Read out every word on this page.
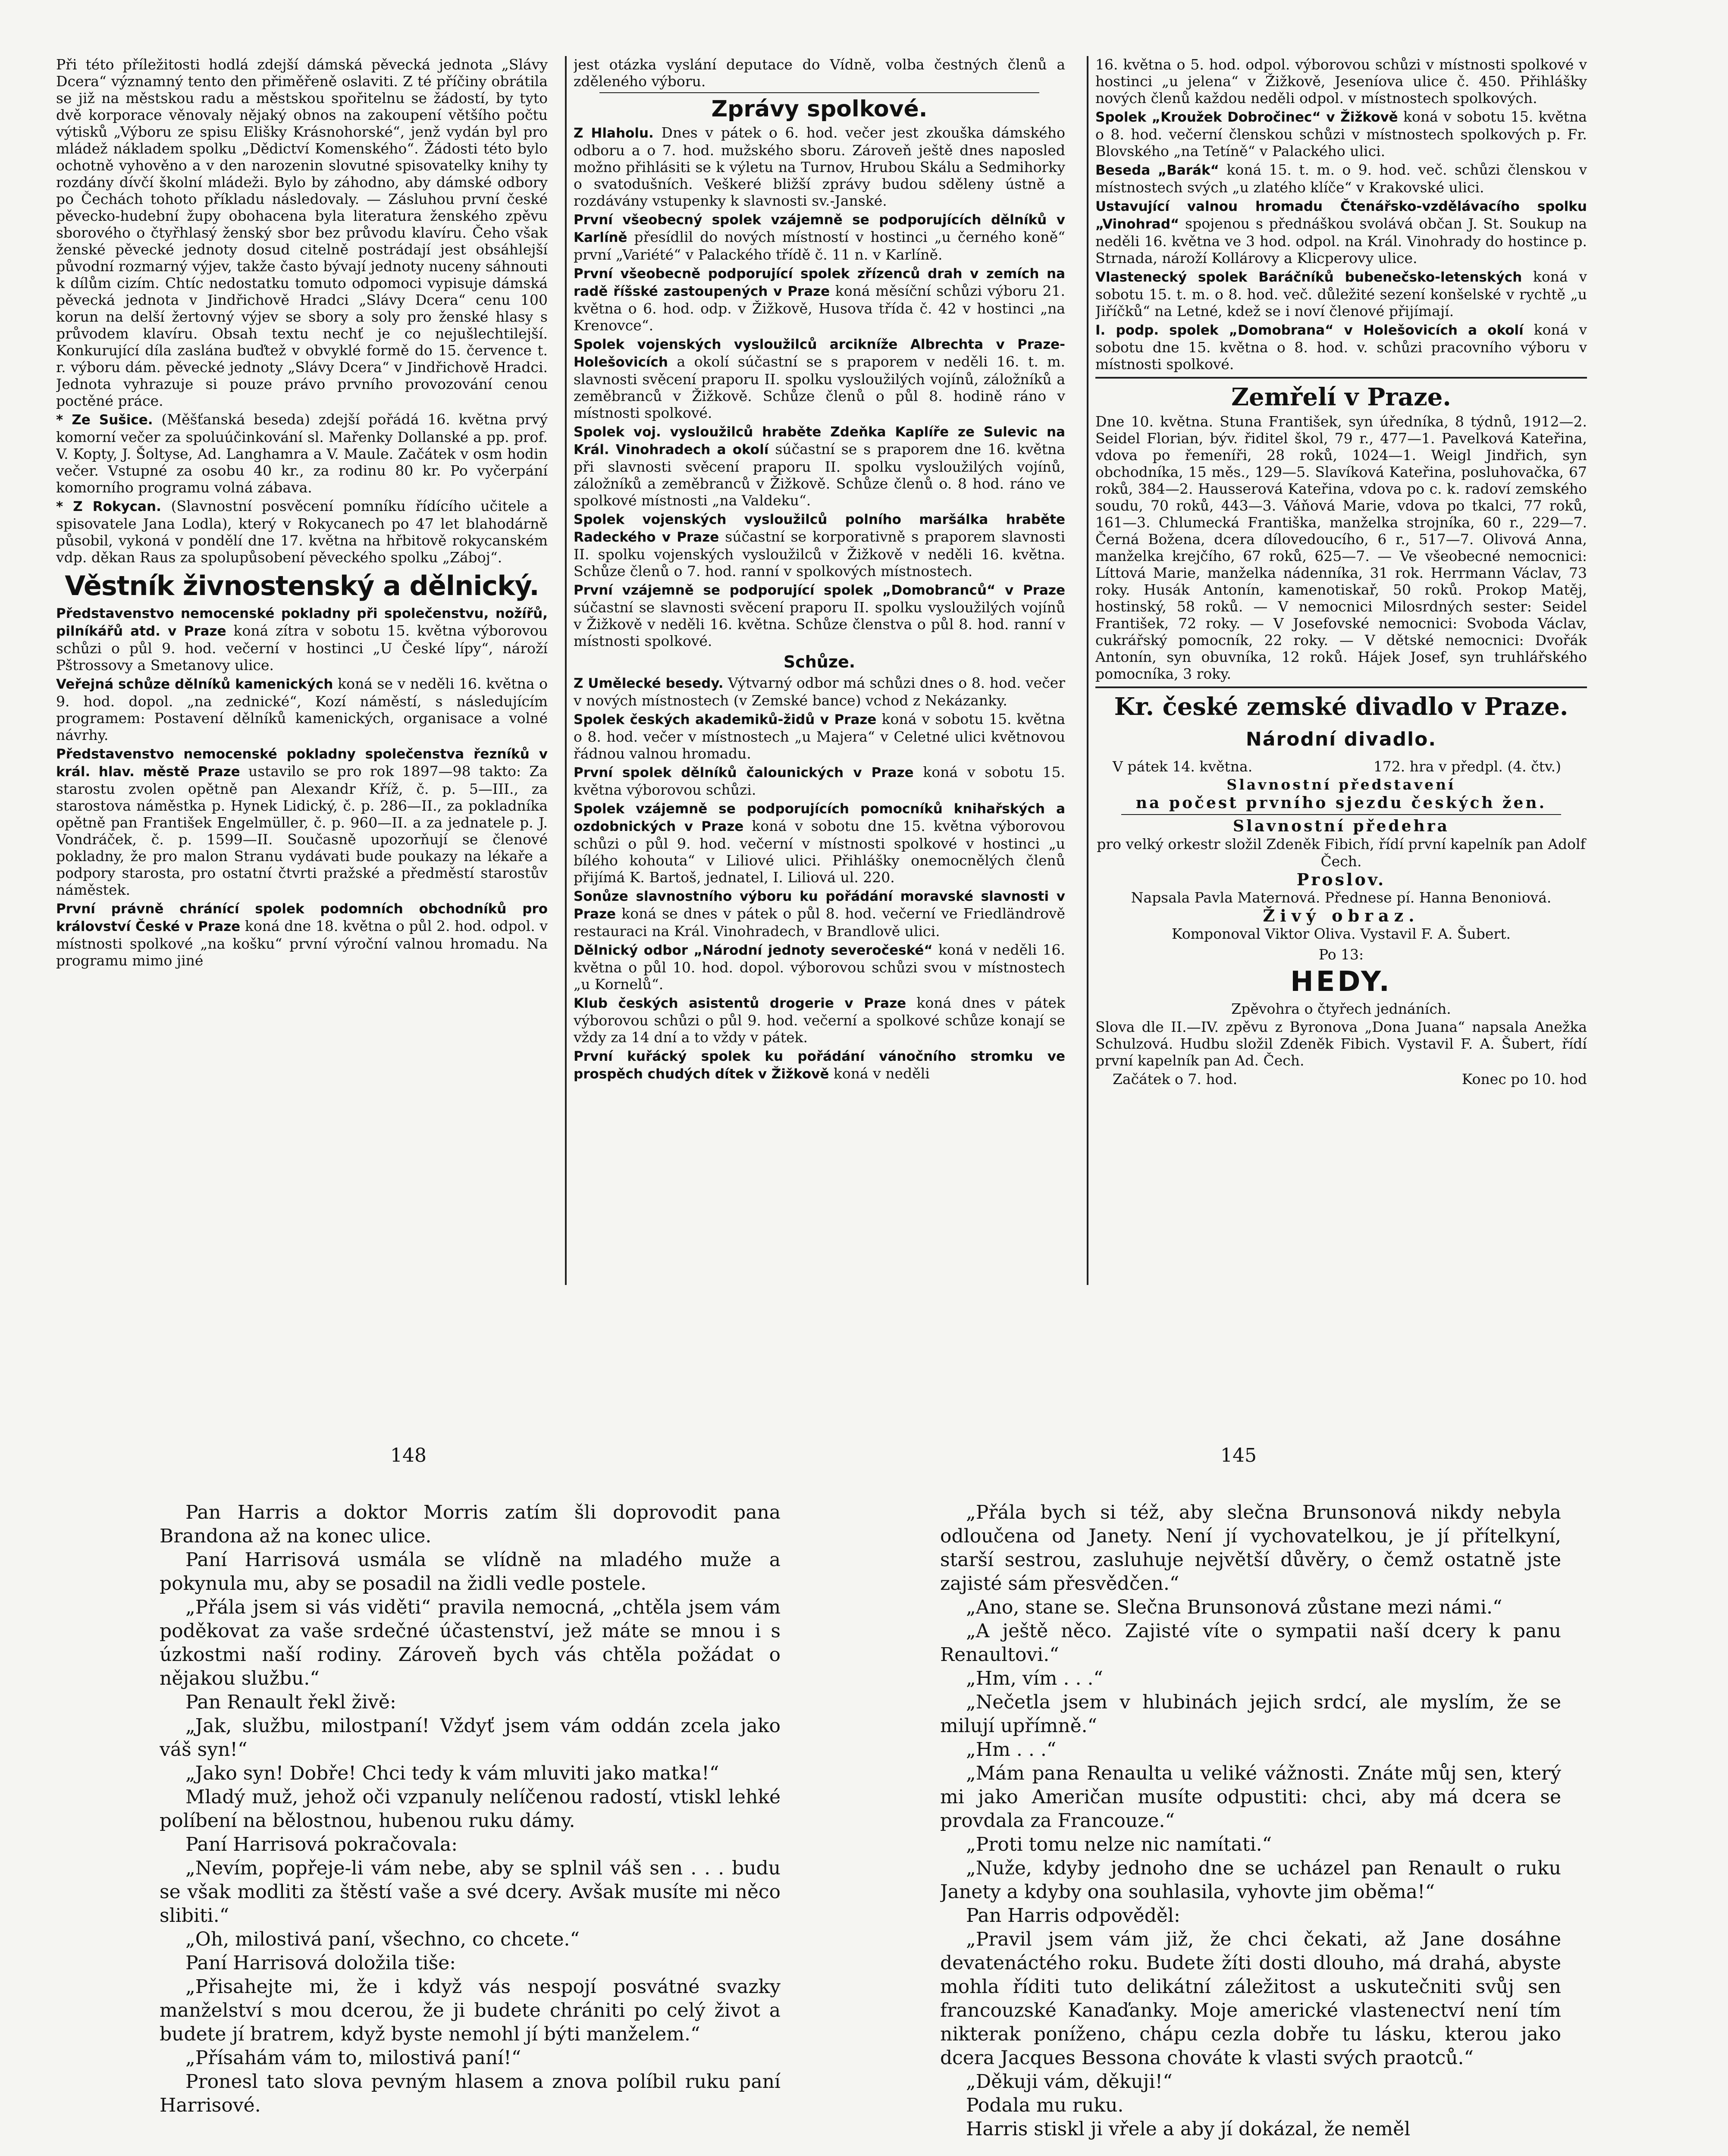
Při této příležitosti hodlá zdejší dámská pěvecká jednota „Slávy Dcera“ významný tento den přiměřeně oslaviti. Z té příčiny obrátila se již na městskou radu a městskou spořitelnu se žádostí, by tyto dvě korporace věnovaly nějaký obnos na zakoupení většího počtu výtisků „Výboru ze spisu Elišky Krásnohorské“, jenž vydán byl pro mládež nákladem spolku „Dědictví Komenského“. Žádosti této bylo ochotně vyhověno a v den narozenin slovutné spisovatelky knihy ty rozdány dívčí školní mládeži. Bylo by záhodno, aby dámské odbory po Čechách tohoto příkladu následovaly. — Zásluhou první české pěvecko-hudební župy obohacena byla literatura ženského zpěvu sborového o čtyřhlasý ženský sbor bez průvodu klavíru. Čeho však ženské pěvecké jednoty dosud citelně postrádají jest obsáhlejší původní rozmarný výjev, takže často bývají jednoty nuceny sáhnouti k dílům cizím. Chtíc nedostatku tomuto odpomoci vypisuje dámská pěvecká jednota v Jindřichově Hradci „Slávy Dcera“ cenu 100 korun na delší žertovný výjev se sbory a soly pro ženské hlasy s průvodem klavíru. Obsah textu nechť je co nejušlechtilejší. Konkurující díla zaslána buďtež v obvyklé formě do 15. července t. r. výboru dám. pěvecké jednoty „Slávy Dcera“ v Jindřichově Hradci. Jednota vyhrazuje si pouze právo prvního provozování cenou poctěné práce.

* Ze Sušice. (Měšťanská beseda) zdejší pořádá 16. května prvý komorní večer za spoluúčinkování sl. Mařenky Dollanské a pp. prof. V. Kopty, J. Šoltyse, Ad. Langhamra a V. Maule. Začátek v osm hodin večer. Vstupné za osobu 40 kr., za rodinu 80 kr. Po vyčerpání komorního programu volná zábava.

* Z Rokycan. (Slavnostní posvěcení pomníku řídícího učitele a spisovatele Jana Lodla), který v Rokycanech po 47 let blahodárně působil, vykoná v pondělí dne 17. května na hřbitově rokycanském vdp. děkan Raus za spolupůsobení pěveckého spolku „Záboj“.

Věstník živnostenský a dělnický.

Představenstvo nemocenské pokladny při společenstvu, nožířů, pilníkářů atd. v Praze koná zítra v sobotu 15. května výborovou schůzi o půl 9. hod. večerní v hostinci „U České lípy“, nároží Pštrossovy a Smetanovy ulice.

Veřejná schůze dělníků kamenických koná se v neděli 16. května o 9. hod. dopol. „na zednické“, Kozí náměstí, s následujícím programem: Postavení dělníků kamenických, organisace a volné návrhy.

Představenstvo nemocenské pokladny společenstva řezníků v král. hlav. městě Praze ustavilo se pro rok 1897—98 takto: Za starostu zvolen opětně pan Alexandr Kříž, č. p. 5—III., za starostova náměstka p. Hynek Lidický, č. p. 286—II., za pokladníka opětně pan František Engelmüller, č. p. 960—II. a za jednatele p. J. Vondráček, č. p. 1599—II. Současně upozorňují se členové pokladny, že pro malon Stranu vydávati bude poukazy na lékaře a podpory starosta, pro ostatní čtvrti pražské a předměstí starostův náměstek.

První právně chránící spolek podomních obchodníků pro království České v Praze koná dne 18. května o půl 2. hod. odpol. v místnosti spolkové „na košku“ první výroční valnou hromadu. Na programu mimo jiné

jest otázka vyslání deputace do Vídně, volba čestných členů a zděleného výboru.

Zprávy spolkové.

Z Hlaholu. Dnes v pátek o 6. hod. večer jest zkouška dámského odboru a o 7. hod. mužského sboru. Zároveň ještě dnes naposled možno přihlásiti se k výletu na Turnov, Hrubou Skálu a Sedmihorky o svatodušních. Veškeré bližší zprávy budou sděleny ústně a rozdávány vstupenky k slavnosti sv.-Janské.

První všeobecný spolek vzájemně se podporujících dělníků v Karlíně přesídlil do nových místností v hostinci „u černého koně“ první „Variété“ v Palackého třídě č. 11 n. v Karlíně.

První všeobecně podporující spolek zřízenců drah v zemích na radě říšské zastoupených v Praze koná měsíční schůzi výboru 21. května o 6. hod. odp. v Žižkově, Husova třída č. 42 v hostinci „na Krenovce“.

Spolek vojenských vysloužilců arcikníže Albrechta v Praze-Holešovicích a okolí súčastní se s praporem v neděli 16. t. m. slavnosti svěcení praporu II. spolku vysloužilých vojínů, záložníků a zeměbranců v Žižkově. Schůze členů o půl 8. hodině ráno v místnosti spolkové.

Spolek voj. vysloužilců hraběte Zdeňka Kaplíře ze Sulevic na Král. Vinohradech a okolí súčastní se s praporem dne 16. května při slavnosti svěcení praporu II. spolku vysloužilých vojínů, záložníků a zeměbranců v Žižkově. Schůze členů o. 8 hod. ráno ve spolkové místnosti „na Valdeku“.

Spolek vojenských vysloužilců polního maršálka hraběte Radeckého v Praze súčastní se korporativně s praporem slavnosti II. spolku vojenských vysloužilců v Žižkově v neděli 16. května. Schůze členů o 7. hod. ranní v spolkových místnostech.

První vzájemně se podporující spolek „Domobranců“ v Praze súčastní se slavnosti svěcení praporu II. spolku vysloužilých vojínů v Žižkově v neděli 16. května. Schůze členstva o půl 8. hod. ranní v místnosti spolkové.

Schůze.

Z Umělecké besedy. Výtvarný odbor má schůzi dnes o 8. hod. večer v nových místnostech (v Zemské bance) vchod z Nekázanky.

Spolek českých akademiků-židů v Praze koná v sobotu 15. května o 8. hod. večer v místnostech „u Majera“ v Celetné ulici květnovou řádnou valnou hromadu.

První spolek dělníků čalounických v Praze koná v sobotu 15. května výborovou schůzi.

Spolek vzájemně se podporujících pomocníků knihařských a ozdobnických v Praze koná v sobotu dne 15. května výborovou schůzi o půl 9. hod. večerní v místnosti spolkové v hostinci „u bílého kohouta“ v Liliové ulici. Přihlášky onemocnělých členů přijímá K. Bartoš, jednatel, I. Liliová ul. 220.

Sonůze slavnostního výboru ku pořádání moravské slavnosti v Praze koná se dnes v pátek o půl 8. hod. večerní ve Friedländrově restauraci na Král. Vinohradech, v Brandlově ulici.

Dělnický odbor „Národní jednoty severočeské“ koná v neděli 16. května o půl 10. hod. dopol. výborovou schůzi svou v místnostech „u Kornelů“.

Klub českých asistentů drogerie v Praze koná dnes v pátek výborovou schůzi o půl 9. hod. večerní a spolkové schůze konají se vždy za 14 dní a to vždy v pátek.

První kuřácký spolek ku pořádání vánočního stromku ve prospěch chudých dítek v Žižkově koná v neděli

16. května o 5. hod. odpol. výborovou schůzi v místnosti spolkové v hostinci „u jelena“ v Žižkově, Jeseníova ulice č. 450. Přihlášky nových členů každou neděli odpol. v místnostech spolkových.

Spolek „Kroužek Dobročinec“ v Žižkově koná v sobotu 15. května o 8. hod. večerní členskou schůzi v místnostech spolkových p. Fr. Blovského „na Tetíně“ v Palackého ulici.

Beseda „Barák“ koná 15. t. m. o 9. hod. več. schůzi členskou v místnostech svých „u zlatého klíče“ v Krakovské ulici.

Ustavující valnou hromadu Čtenářsko-vzdělávacího spolku „Vinohrad“ spojenou s přednáškou svolává občan J. St. Soukup na neděli 16. května ve 3 hod. odpol. na Král. Vinohrady do hostince p. Strnada, nároží Kollárovy a Klicperovy ulice.

Vlastenecký spolek Baráčníků bubenečsko-letenských koná v sobotu 15. t. m. o 8. hod. več. důležité sezení konšelské v rychtě „u Jiříčků“ na Letné, kdež se i noví členové přijímají.

I. podp. spolek „Domobrana“ v Holešovicích a okolí koná v sobotu dne 15. května o 8. hod. v. schůzi pracovního výboru v místnosti spolkové.

Zemřelí v Praze.

Dne 10. května. Stuna František, syn úředníka, 8 týdnů, 1912—2. Seidel Florian, býv. řiditel škol, 79 r., 477—1. Pavelková Kateřina, vdova po řemeníři, 28 roků, 1024—1. Weigl Jindřich, syn obchodníka, 15 měs., 129—5. Slavíková Kateřina, posluhovačka, 67 roků, 384—2. Hausserová Kateřina, vdova po c. k. radoví zemského soudu, 70 roků, 443—3. Váňová Marie, vdova po tkalci, 77 roků, 161—3. Chlumecká Františka, manželka strojníka, 60 r., 229—7. Černá Božena, dcera dílovedoucího, 6 r., 517—7. Olivová Anna, manželka krejčího, 67 roků, 625—7. — Ve všeobecné nemocnici: Líttová Marie, manželka nádenníka, 31 rok. Herrmann Václav, 73 roky. Husák Antonín, kamenotiskař, 50 roků. Prokop Matěj, hostinský, 58 roků. — V nemocnici Milosrdných sester: Seidel František, 72 roky. — V Josefovské nemocnici: Svoboda Václav, cukrářský pomocník, 22 roky. — V dětské nemocnici: Dvořák Antonín, syn obuvníka, 12 roků. Hájek Josef, syn truhlářského pomocníka, 3 roky.

Kr. české zemské divadlo v Praze.
Národní divadlo.
V pátek 14. května.	172. hra v předpl. (4. čtv.)
Slavnostní představení
na počest prvního sjezdu českých žen.
Slavnostní předehra
pro velký orkestr složil Zdeněk Fibich, řídí první kapelník pan Adolf Čech.
Proslov.
Napsala Pavla Maternová. Přednese pí. Hanna Benoniová.
Živý obraz.
Komponoval Viktor Oliva. Vystavil F. A. Šubert.
Po 13:
HEDY.
Zpěvohra o čtyřech jednáních.

Slova dle II.—IV. zpěvu z Byronova „Dona Juana“ napsala Anežka Schulzová. Hudbu složil Zdeněk Fibich. Vystavil F. A. Šubert, řídí první kapelník pan Ad. Čech.

Začátek o 7. hod.	Konec po 10. hod
148	145

Pan Harris a doktor Morris zatím šli doprovodit pana Brandona až na konec ulice.

Paní Harrisová usmála se vlídně na mladého muže a pokynula mu, aby se posadil na židli vedle postele.

„Přála jsem si vás viděti“ pravila nemocná, „chtěla jsem vám poděkovat za vaše srdečné účastenství, jež máte se mnou i s úzkostmi naší rodiny. Zároveň bych vás chtěla požádat o nějakou službu.“

Pan Renault řekl živě:

„Jak, službu, milostpaní! Vždyť jsem vám oddán zcela jako váš syn!“

„Jako syn! Dobře! Chci tedy k vám mluviti jako matka!“

Mladý muž, jehož oči vzpanuly nelíčenou radostí, vtiskl lehké políbení na bělostnou, hubenou ruku dámy.

Paní Harrisová pokračovala:

„Nevím, popřeje-li vám nebe, aby se splnil váš sen . . . budu se však modliti za štěstí vaše a své dcery. Avšak musíte mi něco slibiti.“

„Oh, milostivá paní, všechno, co chcete.“

Paní Harrisová doložila tiše:

„Přisahejte mi, že i když vás nespojí posvátné svazky manželství s mou dcerou, že ji budete chrániti po celý život a budete jí bratrem, když byste nemohl jí býti manželem.“

„Přísahám vám to, milostivá paní!“

Pronesl tato slova pevným hlasem a znova políbil ruku paní Harrisové.

„Přála bych si též, aby slečna Brunsonová nikdy nebyla odloučena od Janety. Není jí vychovatelkou, je jí přítelkyní, starší sestrou, zasluhuje největší důvěry, o čemž ostatně jste zajisté sám přesvědčen.“

„Ano, stane se. Slečna Brunsonová zůstane mezi námi.“

„A ještě něco. Zajisté víte o sympatii naší dcery k panu Renaultovi.“

„Hm, vím . . .“

„Nečetla jsem v hlubinách jejich srdcí, ale myslím, že se milují upřímně.“

„Hm . . .“

„Mám pana Renaulta u veliké vážnosti. Znáte můj sen, který mi jako Američan musíte odpustiti: chci, aby má dcera se provdala za Francouze.“

„Proti tomu nelze nic namítati.“

„Nuže, kdyby jednoho dne se ucházel pan Renault o ruku Janety a kdyby ona souhlasila, vyhovte jim oběma!“

Pan Harris odpověděl:

„Pravil jsem vám již, že chci čekati, až Jane dosáhne devatenáctého roku. Budete žíti dosti dlouho, má drahá, abyste mohla říditi tuto delikátní záležitost a uskutečniti svůj sen francouzské Kanaďanky. Moje americké vlastenectví není tím nikterak poníženo, chápu cezla dobře tu lásku, kterou jako dcera Jacques Bessona chováte k vlasti svých praotců.“

„Děkuji vám, děkuji!“

Podala mu ruku.

Harris stiskl ji vřele a aby jí dokázal, že neměl
